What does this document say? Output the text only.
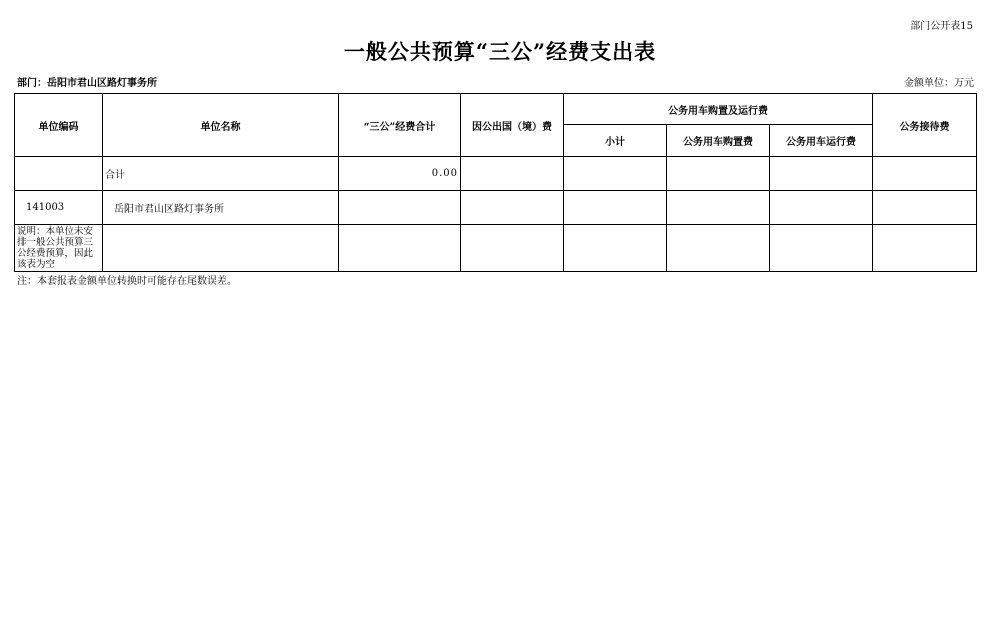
部门公开表15
一般公共预算“三公”经费支出表
部门：岳阳市君山区路灯事务所	金额单位：万元
单位编码	单位名称	“三公”经费合计	因公出国（境）费	公务用车购置及运行费			公务接待费
				小计	公务用车购置费	公务用车运行费	
	合计	0.00					
141003	岳阳市君山区路灯事务所						
说明：本单位未安排一般公共预算三公经费预算，因此该表为空							
注：本套报表金额单位转换时可能存在尾数误差。
